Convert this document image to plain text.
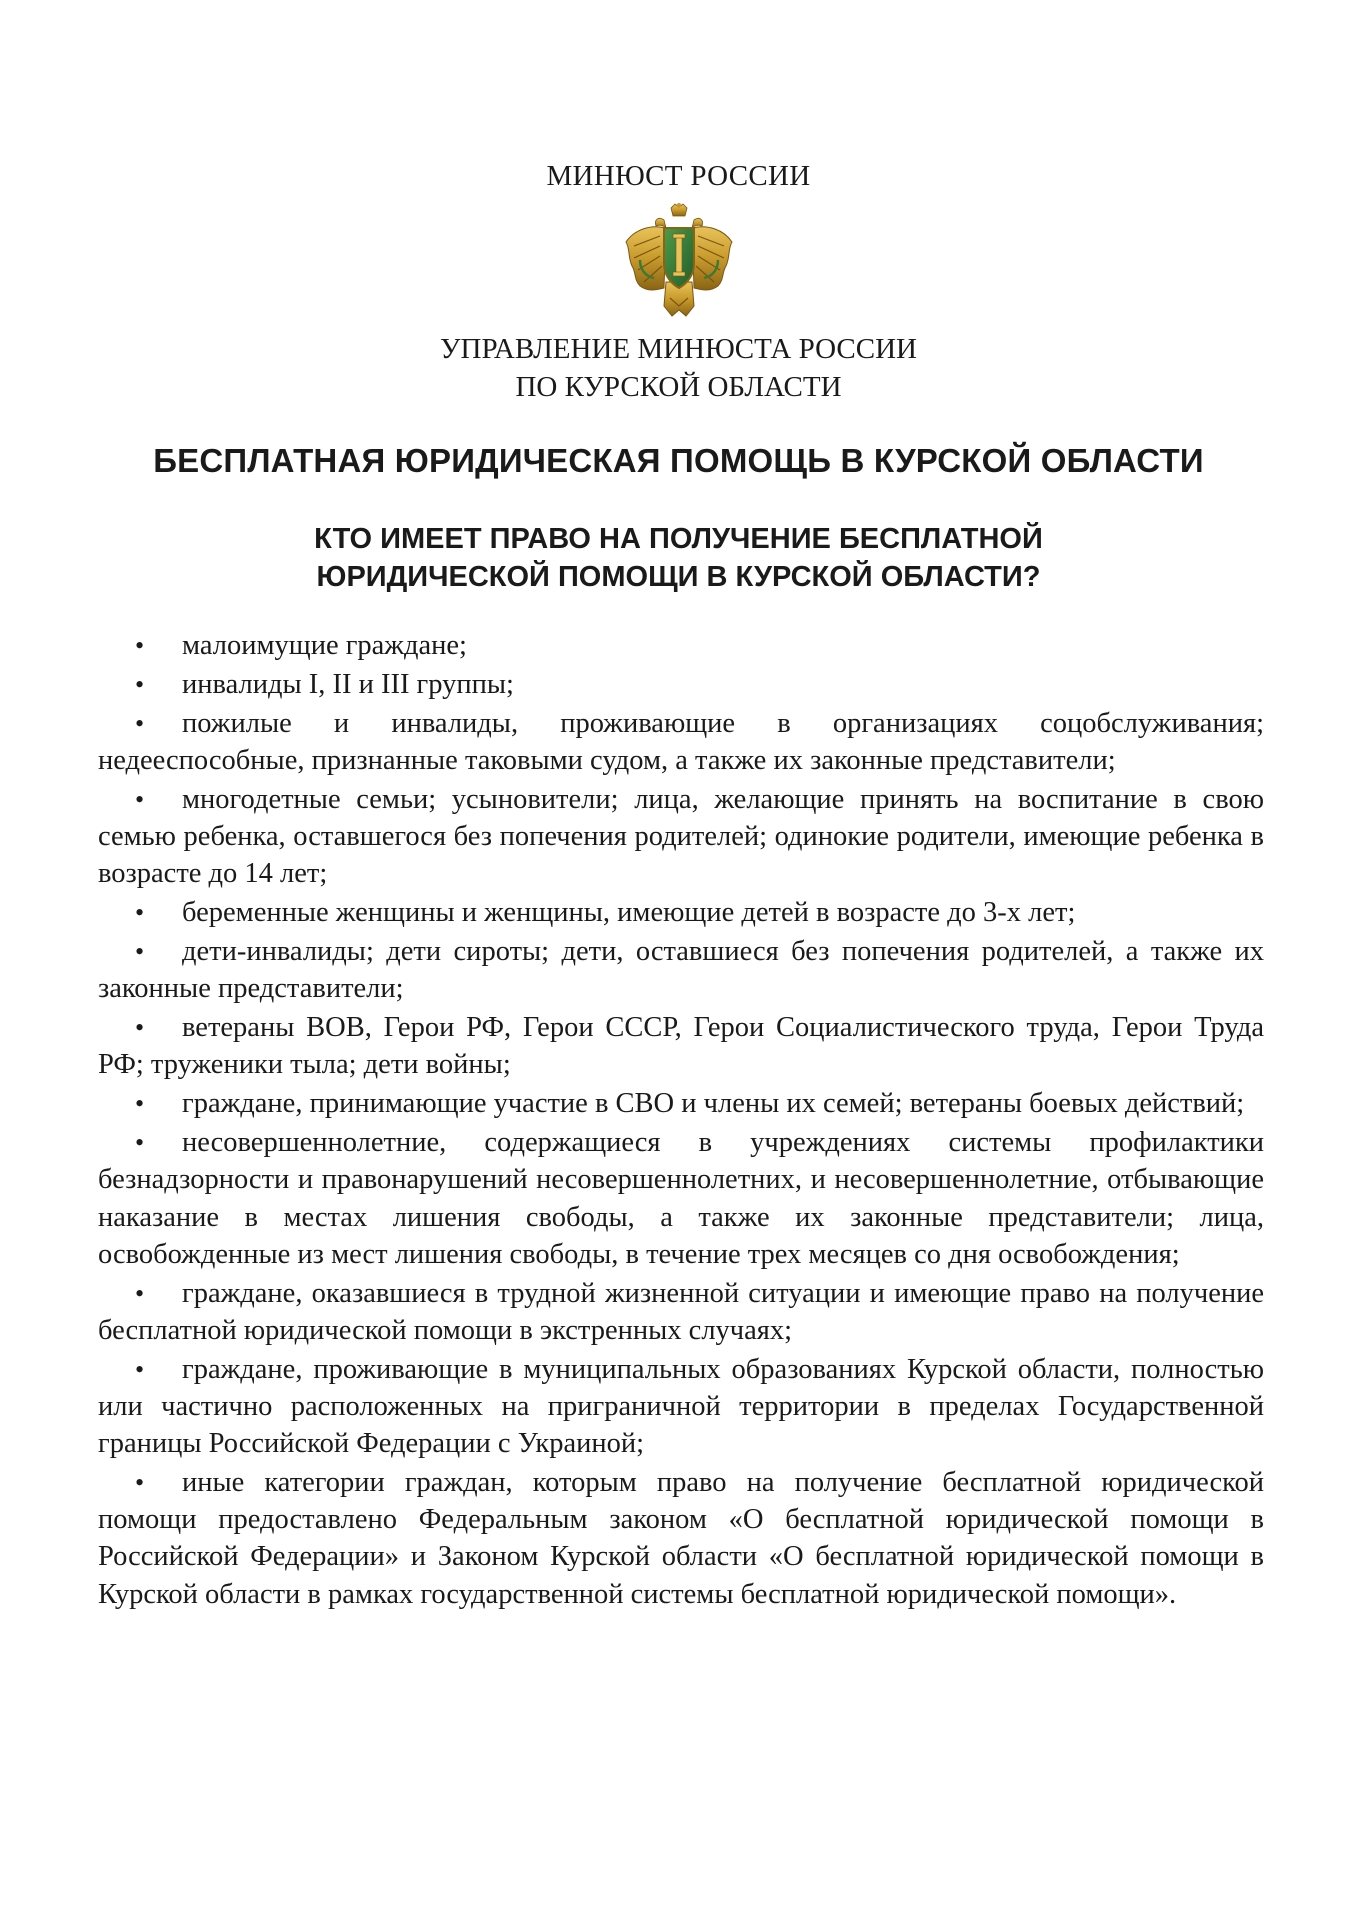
МИНЮСТ РОССИИ
УПРАВЛЕНИЕ МИНЮСТА РОССИИ
ПО КУРСКОЙ ОБЛАСТИ
БЕСПЛАТНАЯ ЮРИДИЧЕСКАЯ ПОМОЩЬ В КУРСКОЙ ОБЛАСТИ
КТО ИМЕЕТ ПРАВО НА ПОЛУЧЕНИЕ БЕСПЛАТНОЙ
ЮРИДИЧЕСКОЙ ПОМОЩИ В КУРСКОЙ ОБЛАСТИ?
• малоимущие граждане;
• инвалиды I, II и III группы;
• пожилые и инвалиды, проживающие в организациях соцобслуживания; недееспособные, признанные таковыми судом, а также их законные представители;
• многодетные семьи; усыновители; лица, желающие принять на воспитание в свою семью ребенка, оставшегося без попечения родителей; одинокие родители, имеющие ребенка в возрасте до 14 лет;
• беременные женщины и женщины, имеющие детей в возрасте до 3-х лет;
• дети-инвалиды; дети сироты; дети, оставшиеся без попечения родителей, а также их законные представители;
• ветераны ВОВ, Герои РФ, Герои СССР, Герои Социалистического труда, Герои Труда РФ; труженики тыла; дети войны;
• граждане, принимающие участие в СВО и члены их семей; ветераны боевых действий;
• несовершеннолетние, содержащиеся в учреждениях системы профилактики безнадзорности и правонарушений несовершеннолетних, и несовершеннолетние, отбывающие наказание в местах лишения свободы, а также их законные представители; лица, освобожденные из мест лишения свободы, в течение трех месяцев со дня освобождения;
• граждане, оказавшиеся в трудной жизненной ситуации и имеющие право на получение бесплатной юридической помощи в экстренных случаях;
• граждане, проживающие в муниципальных образованиях Курской области, полностью или частично расположенных на приграничной территории в пределах Государственной границы Российской Федерации с Украиной;
• иные категории граждан, которым право на получение бесплатной юридической помощи предоставлено Федеральным законом «О бесплатной юридической помощи в Российской Федерации» и Законом Курской области «О бесплатной юридической помощи в Курской области в рамках государственной системы бесплатной юридической помощи».
